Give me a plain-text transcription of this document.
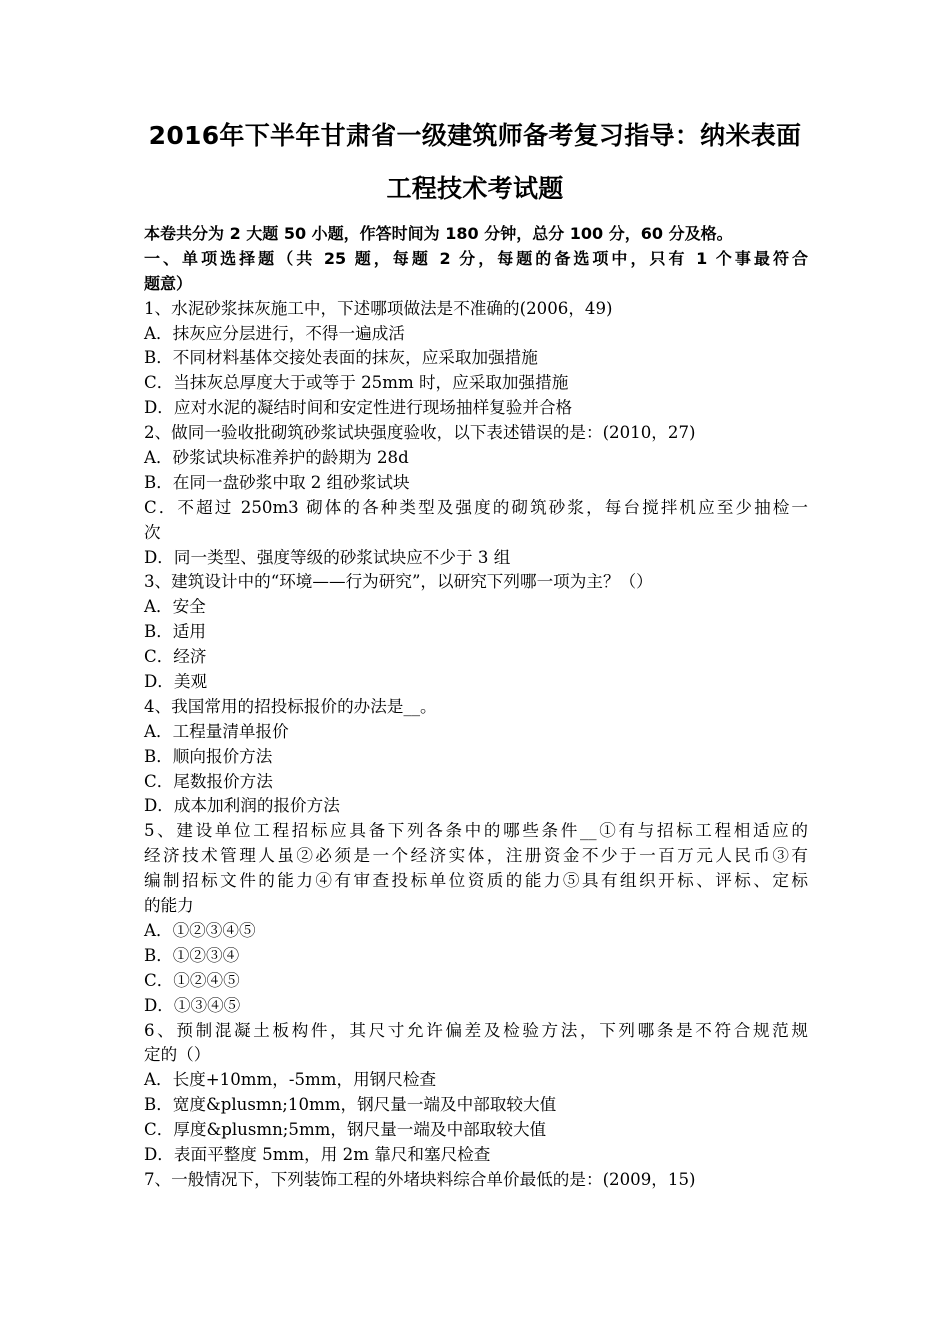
2016年下半年甘肃省一级建筑师备考复习指导：纳米表面
工程技术考试题
本卷共分为 2 大题 50 小题，作答时间为 180 分钟，总分 100 分，60 分及格。
一、单项选择题（共 25 题，每题 2 分，每题的备选项中，只有 1 个事最符合
题意）
1、水泥砂浆抹灰施工中，下述哪项做法是不准确的(2006，49)
A．抹灰应分层进行，不得一遍成活
B．不同材料基体交接处表面的抹灰，应采取加强措施
C．当抹灰总厚度大于或等于 25mm 时，应采取加强措施
D．应对水泥的凝结时间和安定性进行现场抽样复验并合格
2、做同一验收批砌筑砂浆试块强度验收，以下表述错误的是：(2010，27)
A．砂浆试块标准养护的龄期为 28d
B．在同一盘砂浆中取 2 组砂浆试块
C．不超过 250m3 砌体的各种类型及强度的砌筑砂浆，每台搅拌机应至少抽检一
次
D．同一类型、强度等级的砂浆试块应不少于 3 组
3、建筑设计中的“环境——行为研究”，以研究下列哪一项为主？（）
A．安全
B．适用
C．经济
D．美观
4、我国常用的招投标报价的办法是__。
A．工程量清单报价
B．顺向报价方法
C．尾数报价方法
D．成本加利润的报价方法
5、建设单位工程招标应具备下列各条中的哪些条件__①有与招标工程相适应的
经济技术管理人虽②必须是一个经济实体，注册资金不少于一百万元人民币③有
编制招标文件的能力④有审查投标单位资质的能力⑤具有组织开标、评标、定标
的能力
A．①②③④⑤
B．①②③④
C．①②④⑤
D．①③④⑤
6、预制混凝土板构件，其尺寸允许偏差及检验方法，下列哪条是不符合规范规
定的（）
A．长度+10mm，-5mm，用钢尺检查
B．宽度&plusmn;10mm，钢尺量一端及中部取较大值
C．厚度&plusmn;5mm，钢尺量一端及中部取较大值
D．表面平整度 5mm，用 2m 靠尺和塞尺检查
7、一般情况下，下列装饰工程的外堵块料综合单价最低的是：(2009，15)
